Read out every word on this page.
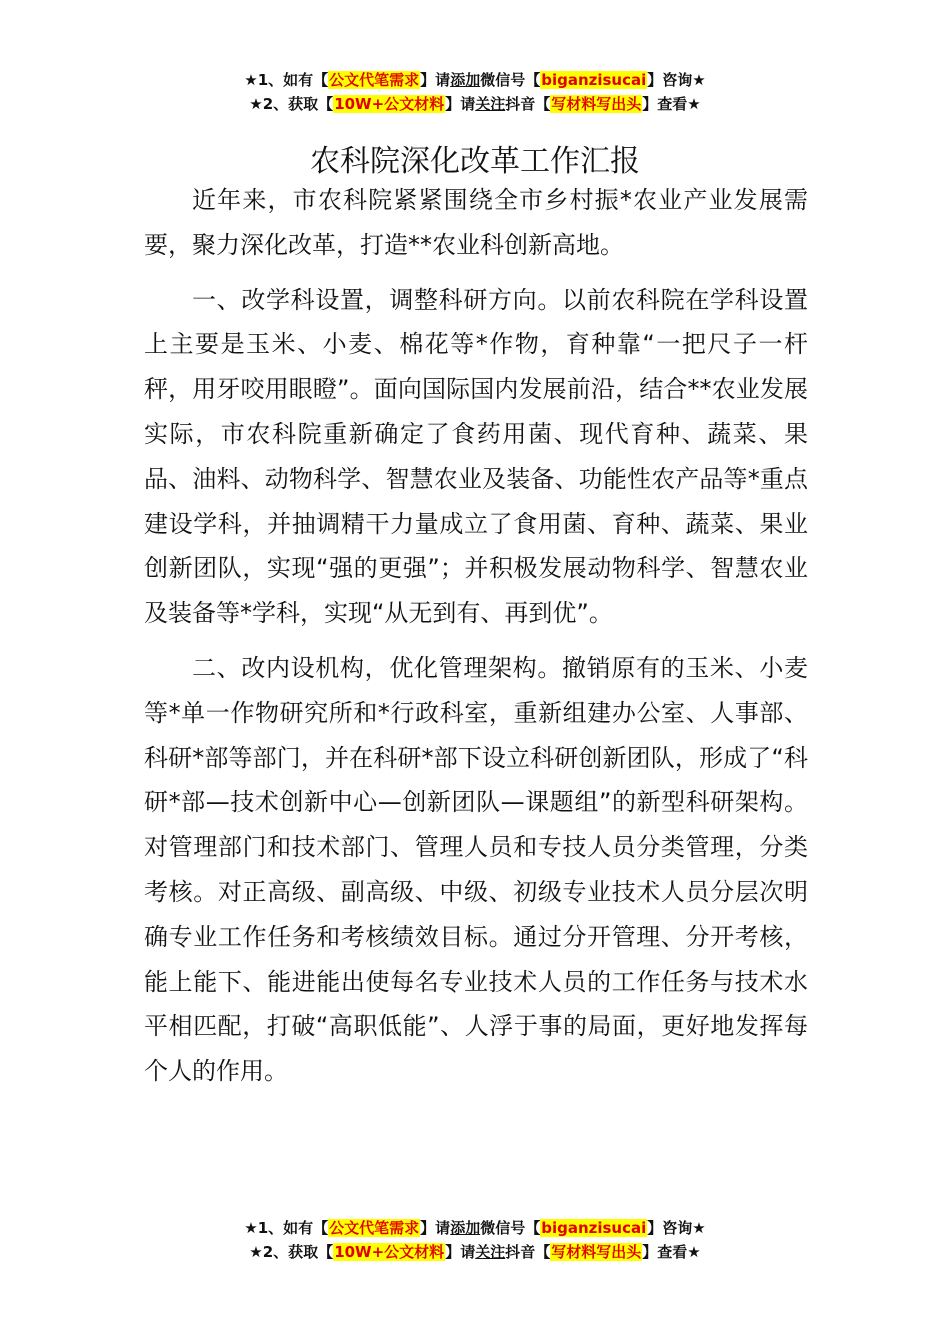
★1、如有【公文代笔需求】请添加微信号【biganzisucai】咨询★
★2、获取【10W+公文材料】请关注抖音【写材料写出头】查看★
农科院深化改革工作汇报

近年来，市农科院紧紧围绕全市乡村振*农业产业发展需要，聚力深化改革，打造**农业科创新高地。

一、改学科设置，调整科研方向。以前农科院在学科设置上主要是玉米、小麦、棉花等*作物，育种靠“一把尺子一杆秤，用牙咬用眼瞪”。面向国际国内发展前沿，结合**农业发展实际，市农科院重新确定了食药用菌、现代育种、蔬菜、果品、油料、动物科学、智慧农业及装备、功能性农产品等*重点建设学科，并抽调精干力量成立了食用菌、育种、蔬菜、果业创新团队，实现“强的更强”；并积极发展动物科学、智慧农业及装备等*学科，实现“从无到有、再到优”。

二、改内设机构，优化管理架构。撤销原有的玉米、小麦等*单一作物研究所和*行政科室，重新组建办公室、人事部、科研*部等部门，并在科研*部下设立科研创新团队，形成了“科研*部—技术创新中心—创新团队—课题组”的新型科研架构。对管理部门和技术部门、管理人员和专技人员分类管理，分类考核。对正高级、副高级、中级、初级专业技术人员分层次明确专业工作任务和考核绩效目标。通过分开管理、分开考核，能上能下、能进能出使每名专业技术人员的工作任务与技术水平相匹配，打破“高职低能”、人浮于事的局面，更好地发挥每个人的作用。

★1、如有【公文代笔需求】请添加微信号【biganzisucai】咨询★
★2、获取【10W+公文材料】请关注抖音【写材料写出头】查看★
